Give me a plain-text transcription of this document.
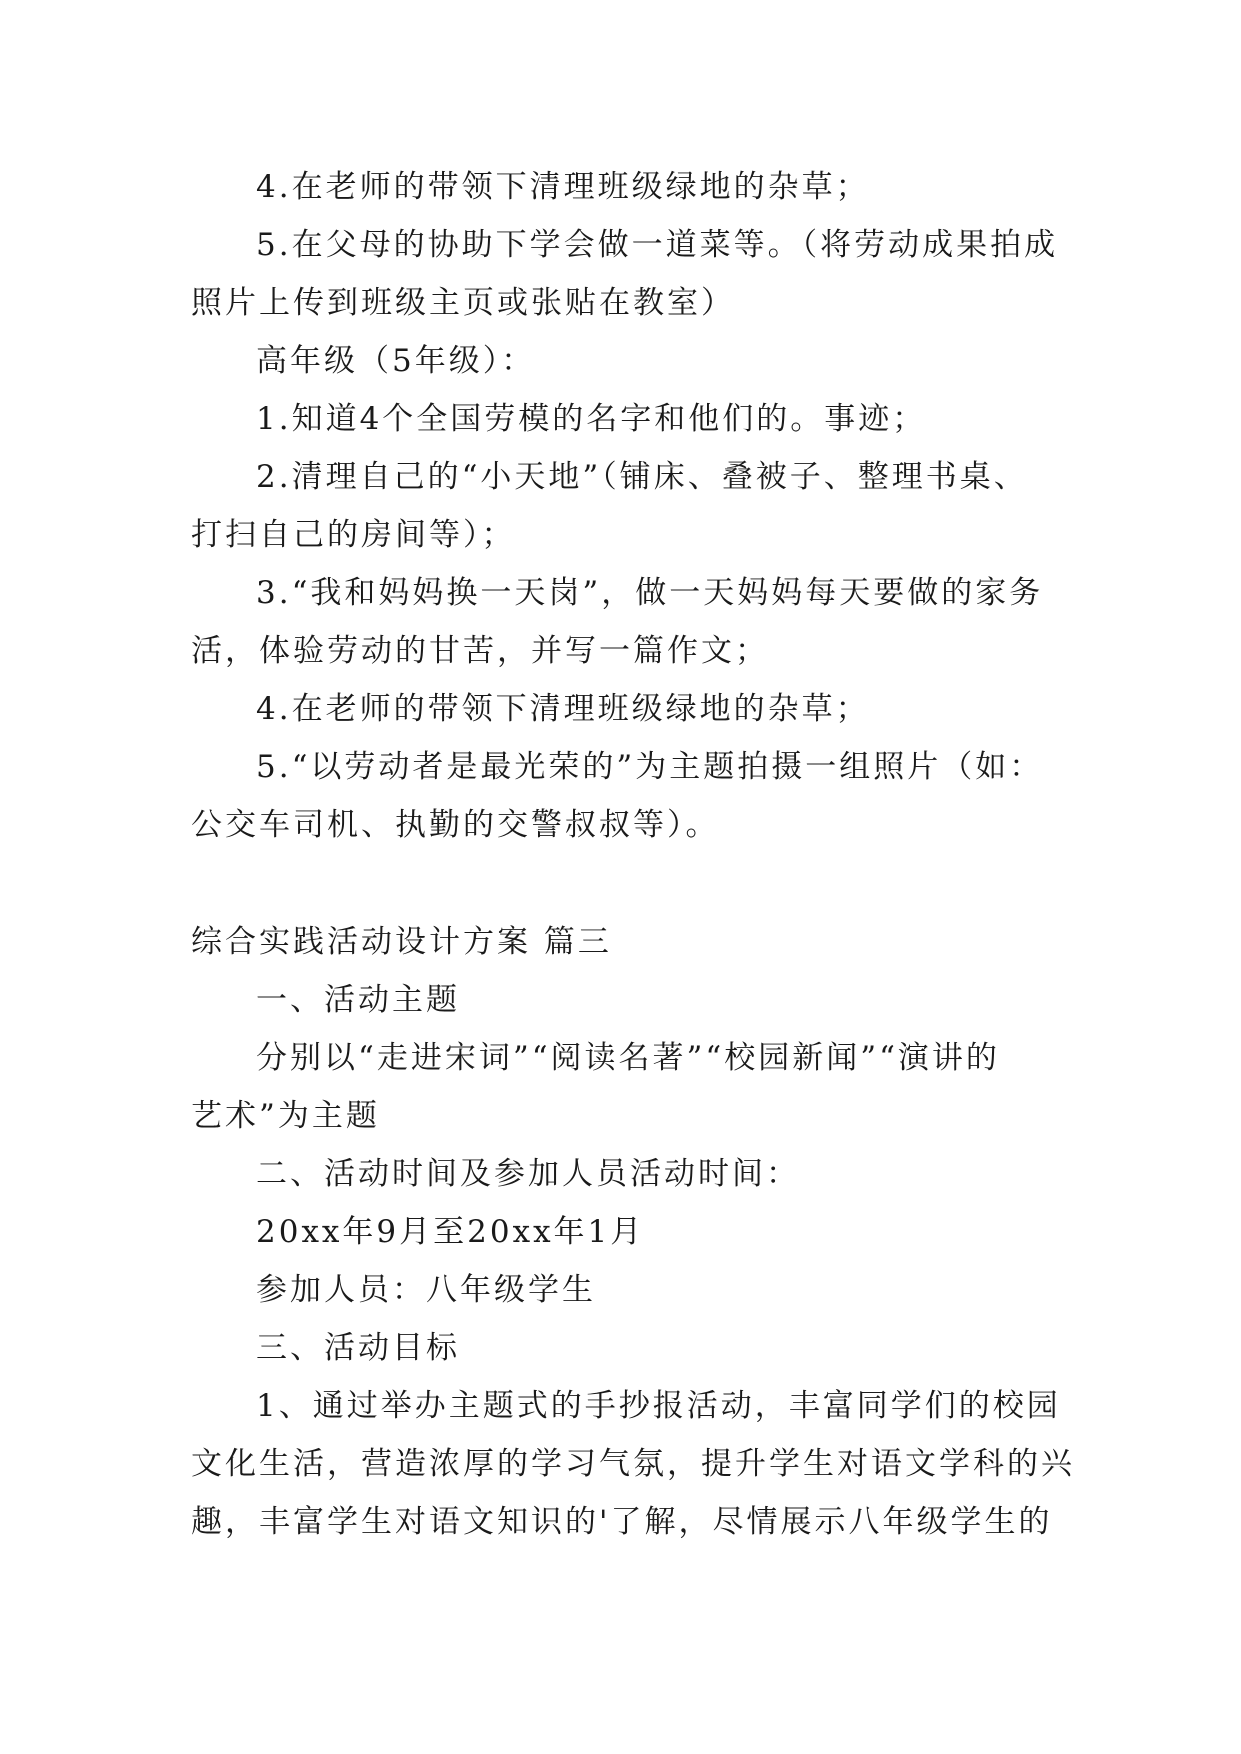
4.在老师的带领下清理班级绿地的杂草；
5.在父母的协助下学会做一道菜等。（将劳动成果拍成
照片上传到班级主页或张贴在教室）
高年级（5年级）：
1.知道4个全国劳模的名字和他们的。事迹；
2.清理自己的“小天地”（铺床、叠被子、整理书桌、
打扫自己的房间等）；
3.“我和妈妈换一天岗”，做一天妈妈每天要做的家务
活，体验劳动的甘苦，并写一篇作文；
4.在老师的带领下清理班级绿地的杂草；
5.“以劳动者是最光荣的”为主题拍摄一组照片（如：
公交车司机、执勤的交警叔叔等）。
综合实践活动设计方案 篇三
一、活动主题
分别以“走进宋词”“阅读名著”“校园新闻”“演讲的
艺术”为主题
二、活动时间及参加人员活动时间：
20xx年9月至20xx年1月
参加人员：八年级学生
三、活动目标
1、通过举办主题式的手抄报活动，丰富同学们的校园
文化生活，营造浓厚的学习气氛，提升学生对语文学科的兴
趣，丰富学生对语文知识的'了解，尽情展示八年级学生的
